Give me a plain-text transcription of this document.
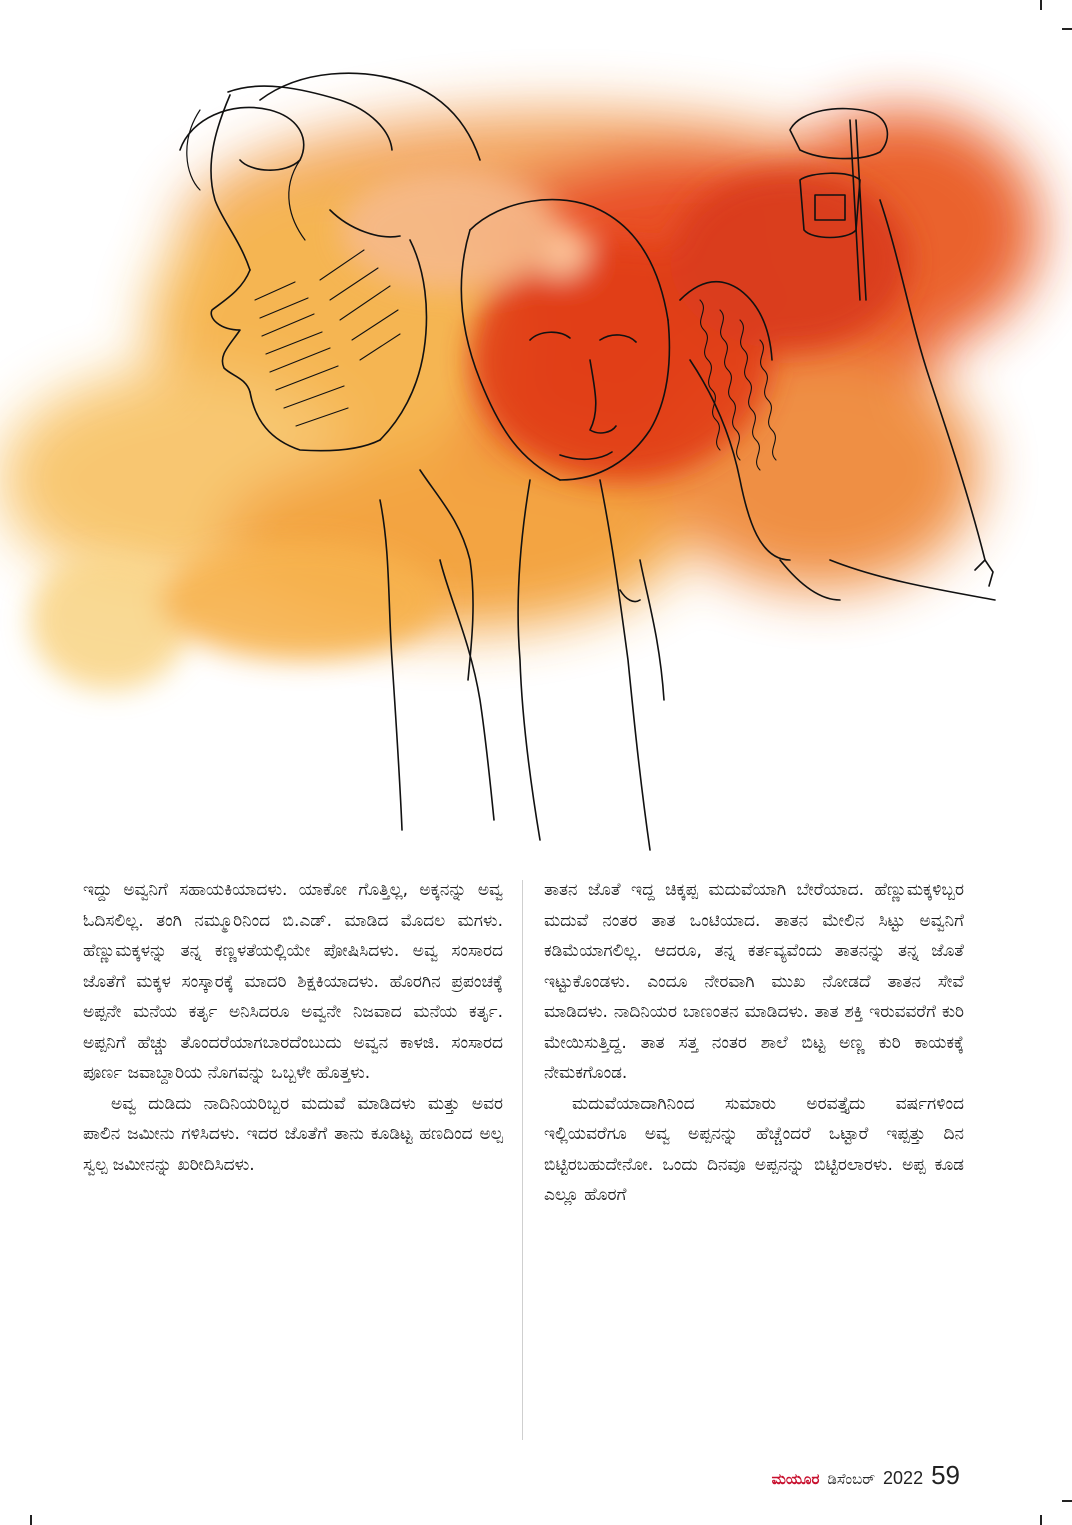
ಇದ್ದು ಅವ್ವನಿಗೆ ಸಹಾಯಕಿಯಾದಳು. ಯಾಕೋ ಗೊತ್ತಿಲ್ಲ, ಅಕ್ಕನನ್ನು ಅವ್ವ ಓದಿಸಲಿಲ್ಲ. ತಂಗಿ ನಮ್ಮೂರಿನಿಂದ ಬಿ.ಎಡ್. ಮಾಡಿದ ಮೊದಲ ಮಗಳು. ಹೆಣ್ಣುಮಕ್ಕಳನ್ನು ತನ್ನ ಕಣ್ಣಳತೆಯಲ್ಲಿಯೇ ಪೋಷಿಸಿದಳು. ಅವ್ವ ಸಂಸಾರದ ಜೊತೆಗೆ ಮಕ್ಕಳ ಸಂಸ್ಕಾರಕ್ಕೆ ಮಾದರಿ ಶಿಕ್ಷಕಿಯಾದಳು. ಹೊರಗಿನ ಪ್ರಪಂಚಕ್ಕೆ ಅಪ್ಪನೇ ಮನೆಯ ಕರ್ತೃ ಅನಿಸಿದರೂ ಅವ್ವನೇ ನಿಜವಾದ ಮನೆಯ ಕರ್ತೃ. ಅಪ್ಪನಿಗೆ ಹೆಚ್ಚು ತೊಂದರೆಯಾಗಬಾರದೆಂಬುದು ಅವ್ವನ ಕಾಳಜಿ. ಸಂಸಾರದ ಪೂರ್ಣ ಜವಾಬ್ದಾರಿಯ ನೊಗವನ್ನು ಒಬ್ಬಳೇ ಹೊತ್ತಳು.

ಅವ್ವ ದುಡಿದು ನಾದಿನಿಯರಿಬ್ಬರ ಮದುವೆ ಮಾಡಿದಳು ಮತ್ತು ಅವರ ಪಾಲಿನ ಜಮೀನು ಗಳಿಸಿದಳು. ಇದರ ಜೊತೆಗೆ ತಾನು ಕೂಡಿಟ್ಟ ಹಣದಿಂದ ಅಲ್ಪ ಸ್ವಲ್ಪ ಜಮೀನನ್ನು ಖರೀದಿಸಿದಳು.

ತಾತನ ಜೊತೆ ಇದ್ದ ಚಿಕ್ಕಪ್ಪ ಮದುವೆಯಾಗಿ ಬೇರೆಯಾದ. ಹೆಣ್ಣುಮಕ್ಕಳಿಬ್ಬರ ಮದುವೆ ನಂತರ ತಾತ ಒಂಟಿಯಾದ. ತಾತನ ಮೇಲಿನ ಸಿಟ್ಟು ಅವ್ವನಿಗೆ ಕಡಿಮೆಯಾಗಲಿಲ್ಲ. ಆದರೂ, ತನ್ನ ಕರ್ತವ್ಯವೆಂದು ತಾತನನ್ನು ತನ್ನ ಜೊತೆ ಇಟ್ಟುಕೊಂಡಳು. ಎಂದೂ ನೇರವಾಗಿ ಮುಖ ನೋಡದೆ ತಾತನ ಸೇವೆ ಮಾಡಿದಳು. ನಾದಿನಿಯರ ಬಾಣಂತನ ಮಾಡಿದಳು. ತಾತ ಶಕ್ತಿ ಇರುವವರೆಗೆ ಕುರಿ ಮೇಯಿಸುತ್ತಿದ್ದ. ತಾತ ಸತ್ತ ನಂತರ ಶಾಲೆ ಬಿಟ್ಟ ಅಣ್ಣ ಕುರಿ ಕಾಯಕಕ್ಕೆ ನೇಮಕಗೊಂಡ.

ಮದುವೆಯಾದಾಗಿನಿಂದ ಸುಮಾರು ಅರವತ್ತೈದು ವರ್ಷಗಳಿಂದ ಇಲ್ಲಿಯವರೆಗೂ ಅವ್ವ ಅಪ್ಪನನ್ನು ಹೆಚ್ಚೆಂದರೆ ಒಟ್ಟಾರೆ ಇಪ್ಪತ್ತು ದಿನ ಬಿಟ್ಟಿರಬಹುದೇನೋ. ಒಂದು ದಿನವೂ ಅಪ್ಪನನ್ನು ಬಿಟ್ಟಿರಲಾರಳು. ಅಪ್ಪ ಕೂಡ ಎಲ್ಲೂ ಹೊರಗೆ

ಮಯೂರ ಡಿಸೆಂಬರ್ 2022 59
